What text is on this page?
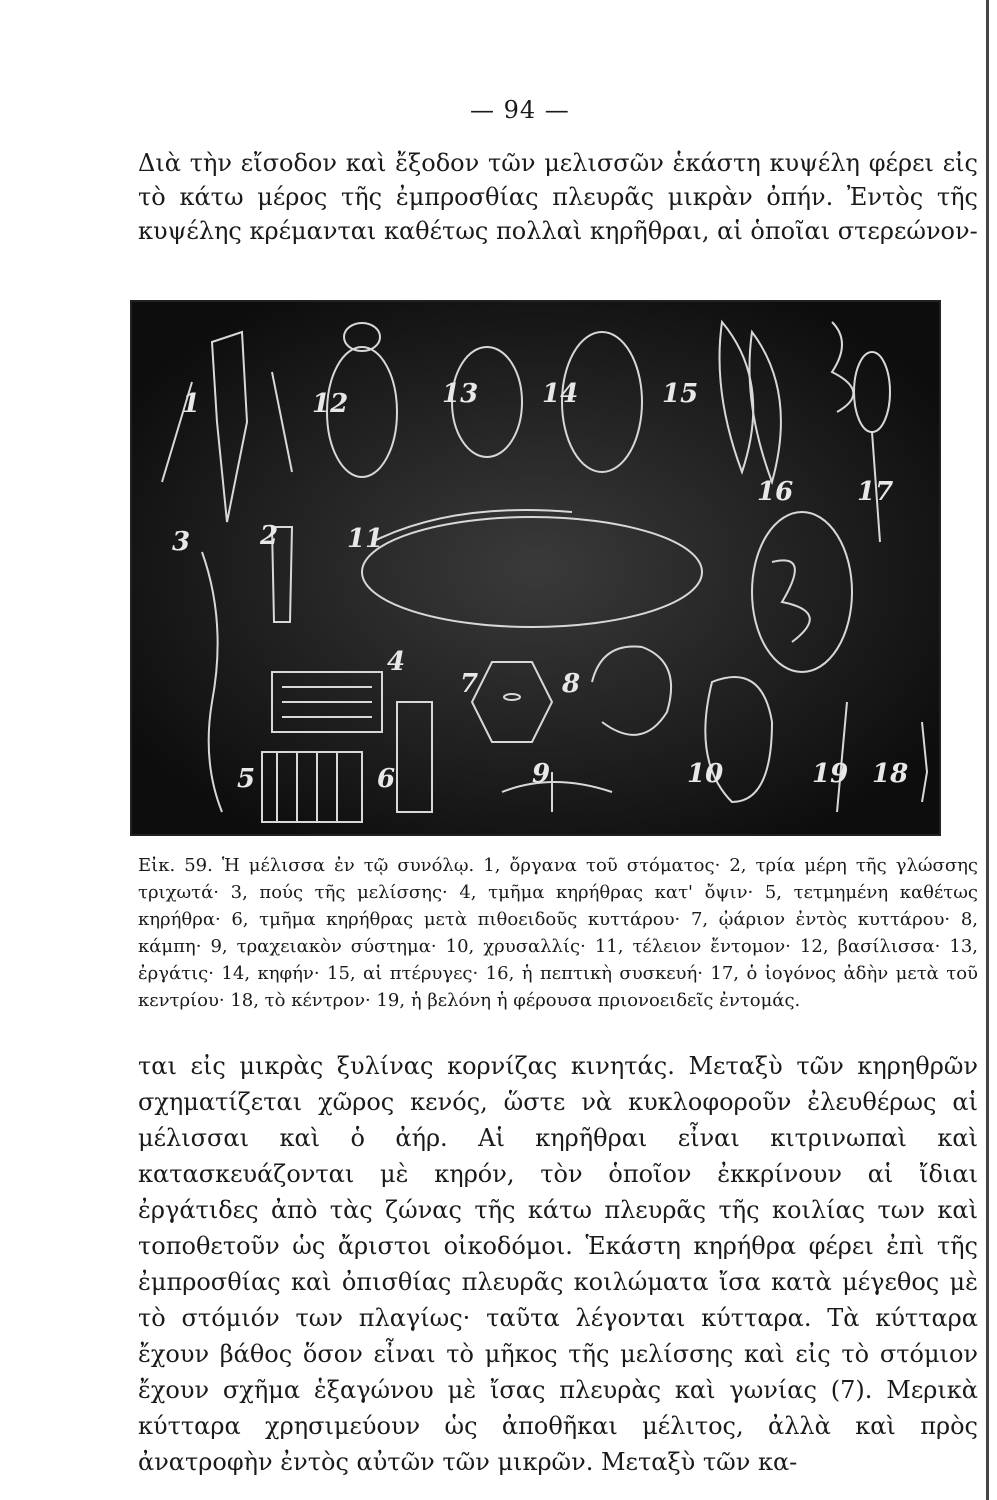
— 94 —

Διὰ τὴν εἴσοδον καὶ ἔξοδον τῶν μελισσῶν ἑκάστη κυψέλη φέρει εἰς τὸ κάτω μέρος τῆς ἐμπροσθίας πλευρᾶς μικρὰν ὀπήν. Ἐντὸς τῆς κυψέλης κρέμανται καθέτως πολλαὶ κηρῆθραι, αἱ ὁποῖαι στερεώνον-

1
2
3
4
5	6
7	8
9	10
11
12	13 14	15
16 17
18
19

Εἰκ. 59. Ἡ μέλισσα ἐν τῷ συνόλῳ. 1, ὄργανα τοῦ στόματος· 2, τρία μέρη τῆς γλώσσης τριχωτά· 3, πούς τῆς μελίσσης· 4, τμῆμα κηρήθρας κατ' ὄψιν· 5, τετμημένη καθέτως κηρήθρα· 6, τμῆμα κηρήθρας μετὰ πιθοειδοῦς κυττάρου· 7, ᾠάριον ἐντὸς κυττάρου· 8, κάμπη· 9, τραχειακὸν σύστημα· 10, χρυσαλλίς· 11, τέλειον ἔντομον· 12, βασίλισσα· 13, ἐργάτις· 14, κηφήν· 15, αἱ πτέρυγες· 16, ἡ πεπτικὴ συσκευή· 17, ὁ ἰογόνος ἀδὴν μετὰ τοῦ κεντρίου· 18, τὸ κέντρον· 19, ἡ βελόνη ἡ φέρουσα πριονοειδεῖς ἐντομάς.

ται εἰς μικρὰς ξυλίνας κορνίζας κινητάς. Μεταξὺ τῶν κηρηθρῶν σχηματίζεται χῶρος κενός, ὥστε νὰ κυκλοφοροῦν ἐλευθέρως αἱ μέλισσαι καὶ ὁ ἀήρ. Αἱ κηρῆθραι εἶναι κιτρινωπαὶ καὶ κατασκευάζονται μὲ κηρόν, τὸν ὁποῖον ἐκκρίνουν αἱ ἴδιαι ἐργάτιδες ἀπὸ τὰς ζώνας τῆς κάτω πλευρᾶς τῆς κοιλίας των καὶ τοποθετοῦν ὡς ἄριστοι οἰκοδόμοι. Ἑκάστη κηρήθρα φέρει ἐπὶ τῆς ἐμπροσθίας καὶ ὀπισθίας πλευρᾶς κοιλώματα ἴσα κατὰ μέγεθος μὲ τὸ στόμιόν των πλαγίως· ταῦτα λέγονται κύτταρα. Τὰ κύτταρα ἔχουν βάθος ὅσον εἶναι τὸ μῆκος τῆς μελίσσης καὶ εἰς τὸ στόμιον ἔχουν σχῆμα ἑξαγώνου μὲ ἴσας πλευρὰς καὶ γωνίας (7). Μερικὰ κύτταρα χρησιμεύουν ὡς ἀποθῆκαι μέλιτος, ἀλλὰ καὶ πρὸς ἀνατροφὴν ἐντὸς αὐτῶν τῶν μικρῶν. Μεταξὺ τῶν κα-
